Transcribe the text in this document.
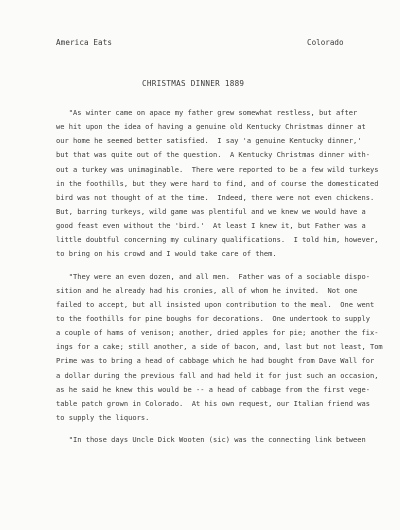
America Eats	Colorado
CHRISTMAS DINNER 1889
"As winter came on apace my father grew somewhat restless, but after
we hit upon the idea of having a genuine old Kentucky Christmas dinner at
our home he seemed better satisfied.  I say 'a genuine Kentucky dinner,'
but that was quite out of the question.  A Kentucky Christmas dinner with-
out a turkey was unimaginable.  There were reported to be a few wild turkeys
in the foothills, but they were hard to find, and of course the domesticated
bird was not thought of at the time.  Indeed, there were not even chickens.
But, barring turkeys, wild game was plentiful and we knew we would have a
good feast even without the 'bird.'  At least I knew it, but Father was a
little doubtful concerning my culinary qualifications.  I told him, however,
to bring on his crowd and I would take care of them.
"They were an even dozen, and all men.  Father was of a sociable dispo-
sition and he already had his cronies, all of whom he invited.  Not one
failed to accept, but all insisted upon contribution to the meal.  One went
to the foothills for pine boughs for decorations.  One undertook to supply
a couple of hams of venison; another, dried apples for pie; another the fix-
ings for a cake; still another, a side of bacon, and, last but not least, Tom
Prime was to bring a head of cabbage which he had bought from Dave Wall for
a dollar during the previous fall and had held it for just such an occasion,
as he said he knew this would be -- a head of cabbage from the first vege-
table patch grown in Colorado.  At his own request, our Italian friend was
to supply the liquors.
"In those days Uncle Dick Wooten (sic) was the connecting link between
